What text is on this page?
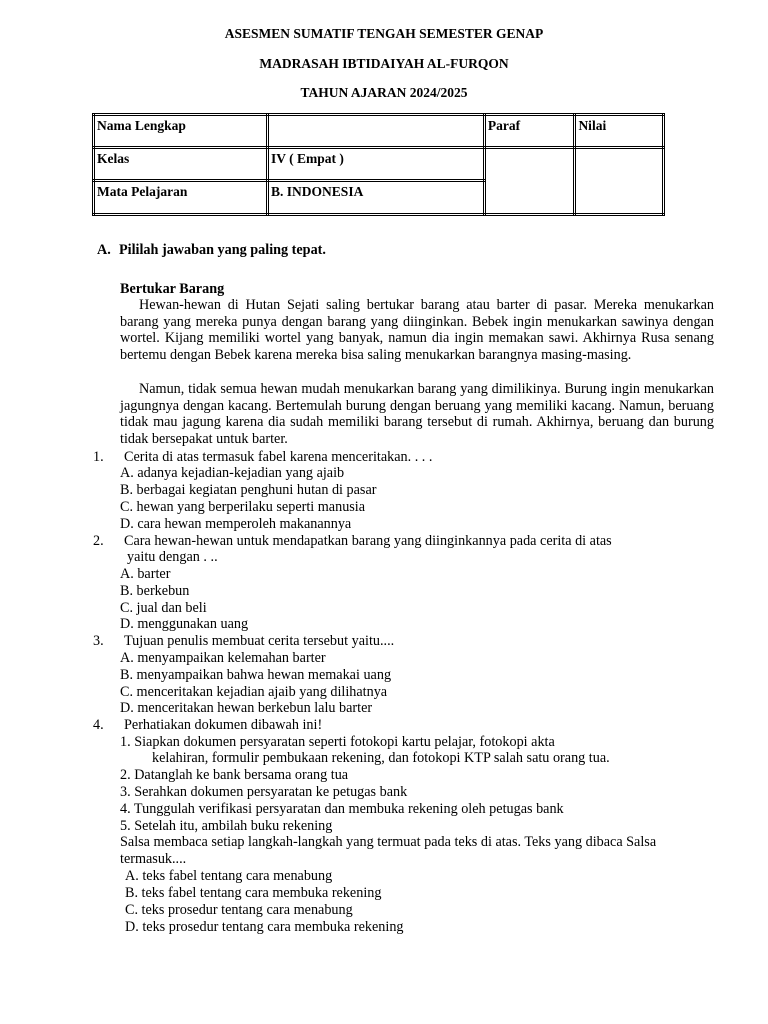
ASESMEN SUMATIF TENGAH SEMESTER GENAP
MADRASAH IBTIDAIYAH AL-FURQON
TAHUN AJARAN 2024/2025
Nama Lengkap		Paraf	Nilai
Kelas	IV ( Empat )		
Mata Pelajaran	B. INDONESIA		
A. Pililah jawaban yang paling tepat.
Bertukar Barang

Hewan-hewan di Hutan Sejati saling bertukar barang atau barter di pasar. Mereka menukarkan barang yang mereka punya dengan barang yang diinginkan. Bebek ingin menukarkan sawinya dengan wortel. Kijang memiliki wortel yang banyak, namun dia ingin memakan sawi. Akhirnya Rusa senang bertemu dengan Bebek karena mereka bisa saling menukarkan barangnya masing-masing.

Namun, tidak semua hewan mudah menukarkan barang yang dimilikinya. Burung ingin menukarkan jagungnya dengan kacang. Bertemulah burung dengan beruang yang memiliki kacang. Namun, beruang tidak mau jagung karena dia sudah memiliki barang tersebut di rumah. Akhirnya, beruang dan burung tidak bersepakat untuk barter.

1. Cerita di atas termasuk fabel karena menceritakan. . . .
A. adanya kejadian-kejadian yang ajaib
B. berbagai kegiatan penghuni hutan di pasar
C. hewan yang berperilaku seperti manusia
D. cara hewan memperoleh makanannya
2. Cara hewan-hewan untuk mendapatkan barang yang diinginkannya pada cerita di atas
yaitu dengan . ..
A. barter
B. berkebun
C. jual dan beli
D. menggunakan uang
3. Tujuan penulis membuat cerita tersebut yaitu....
A. menyampaikan kelemahan barter
B. menyampaikan bahwa hewan memakai uang
C. menceritakan kejadian ajaib yang dilihatnya
D. menceritakan hewan berkebun lalu barter
4. Perhatiakan dokumen dibawah ini!
1. Siapkan dokumen persyaratan seperti fotokopi kartu pelajar, fotokopi akta
kelahiran, formulir pembukaan rekening, dan fotokopi KTP salah satu orang tua.
2. Datanglah ke bank bersama orang tua
3. Serahkan dokumen persyaratan ke petugas bank
4. Tunggulah verifikasi persyaratan dan membuka rekening oleh petugas bank
5. Setelah itu, ambilah buku rekening
Salsa membaca setiap langkah-langkah yang termuat pada teks di atas. Teks yang dibaca Salsa
termasuk....
A. teks fabel tentang cara menabung
B. teks fabel tentang cara membuka rekening
C. teks prosedur tentang cara menabung
D. teks prosedur tentang cara membuka rekening
